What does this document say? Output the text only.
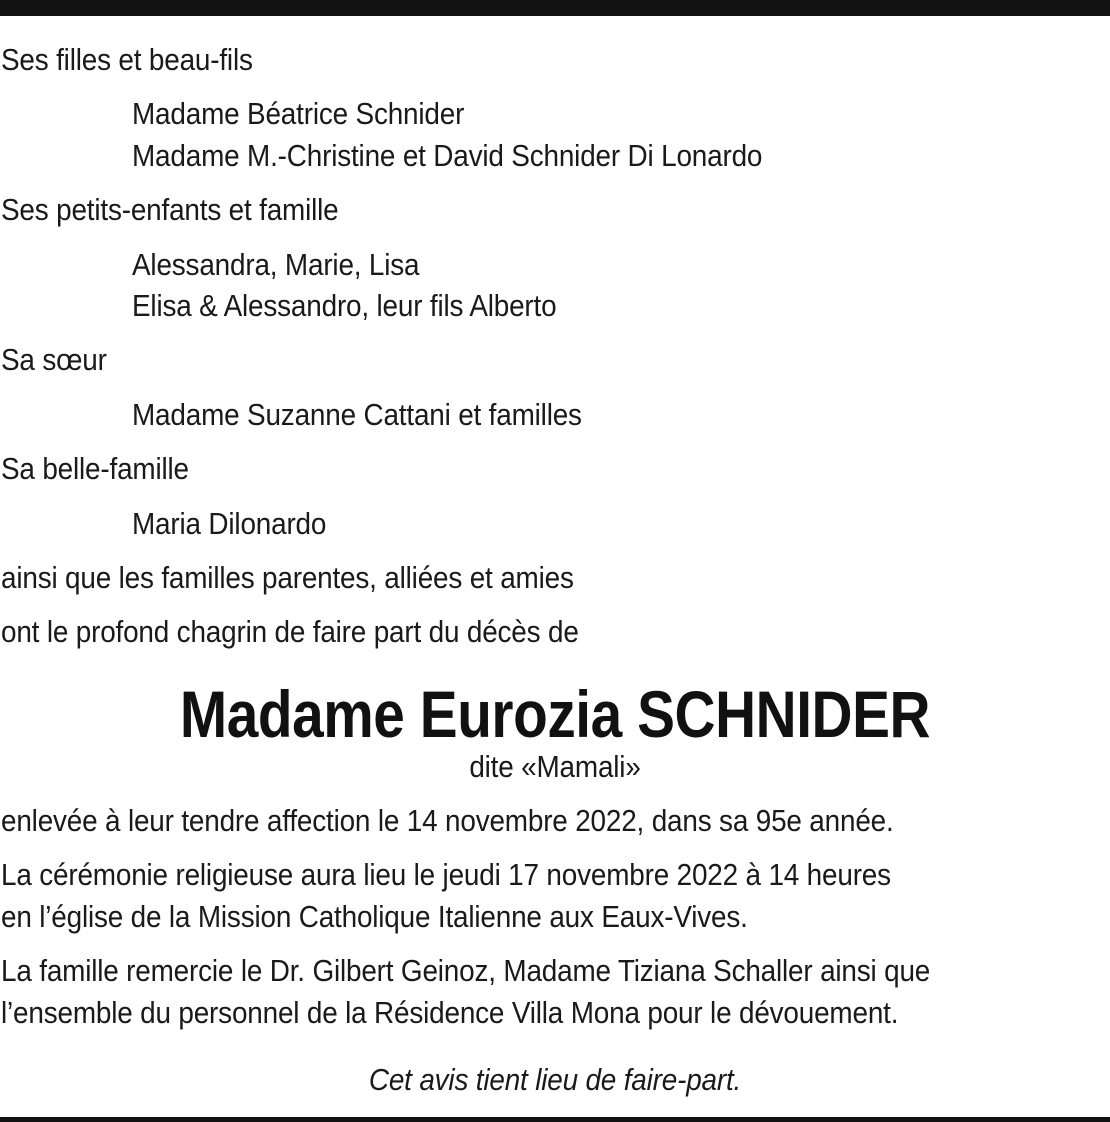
Ses filles et beau-fils
Madame Béatrice Schnider
Madame M.-Christine et David Schnider Di Lonardo
Ses petits-enfants et famille
Alessandra, Marie, Lisa
Elisa & Alessandro, leur fils Alberto
Sa sœur
Madame Suzanne Cattani et familles
Sa belle-famille
Maria Dilonardo
ainsi que les familles parentes, alliées et amies
ont le profond chagrin de faire part du décès de
Madame Eurozia SCHNIDER
dite «Mamali»
enlevée à leur tendre affection le 14 novembre 2022, dans sa 95e année.
La cérémonie religieuse aura lieu le jeudi 17 novembre 2022 à 14 heures
en l’église de la Mission Catholique Italienne aux Eaux-Vives.
La famille remercie le Dr. Gilbert Geinoz, Madame Tiziana Schaller ainsi que
l’ensemble du personnel de la Résidence Villa Mona pour le dévouement.
Cet avis tient lieu de faire-part.
